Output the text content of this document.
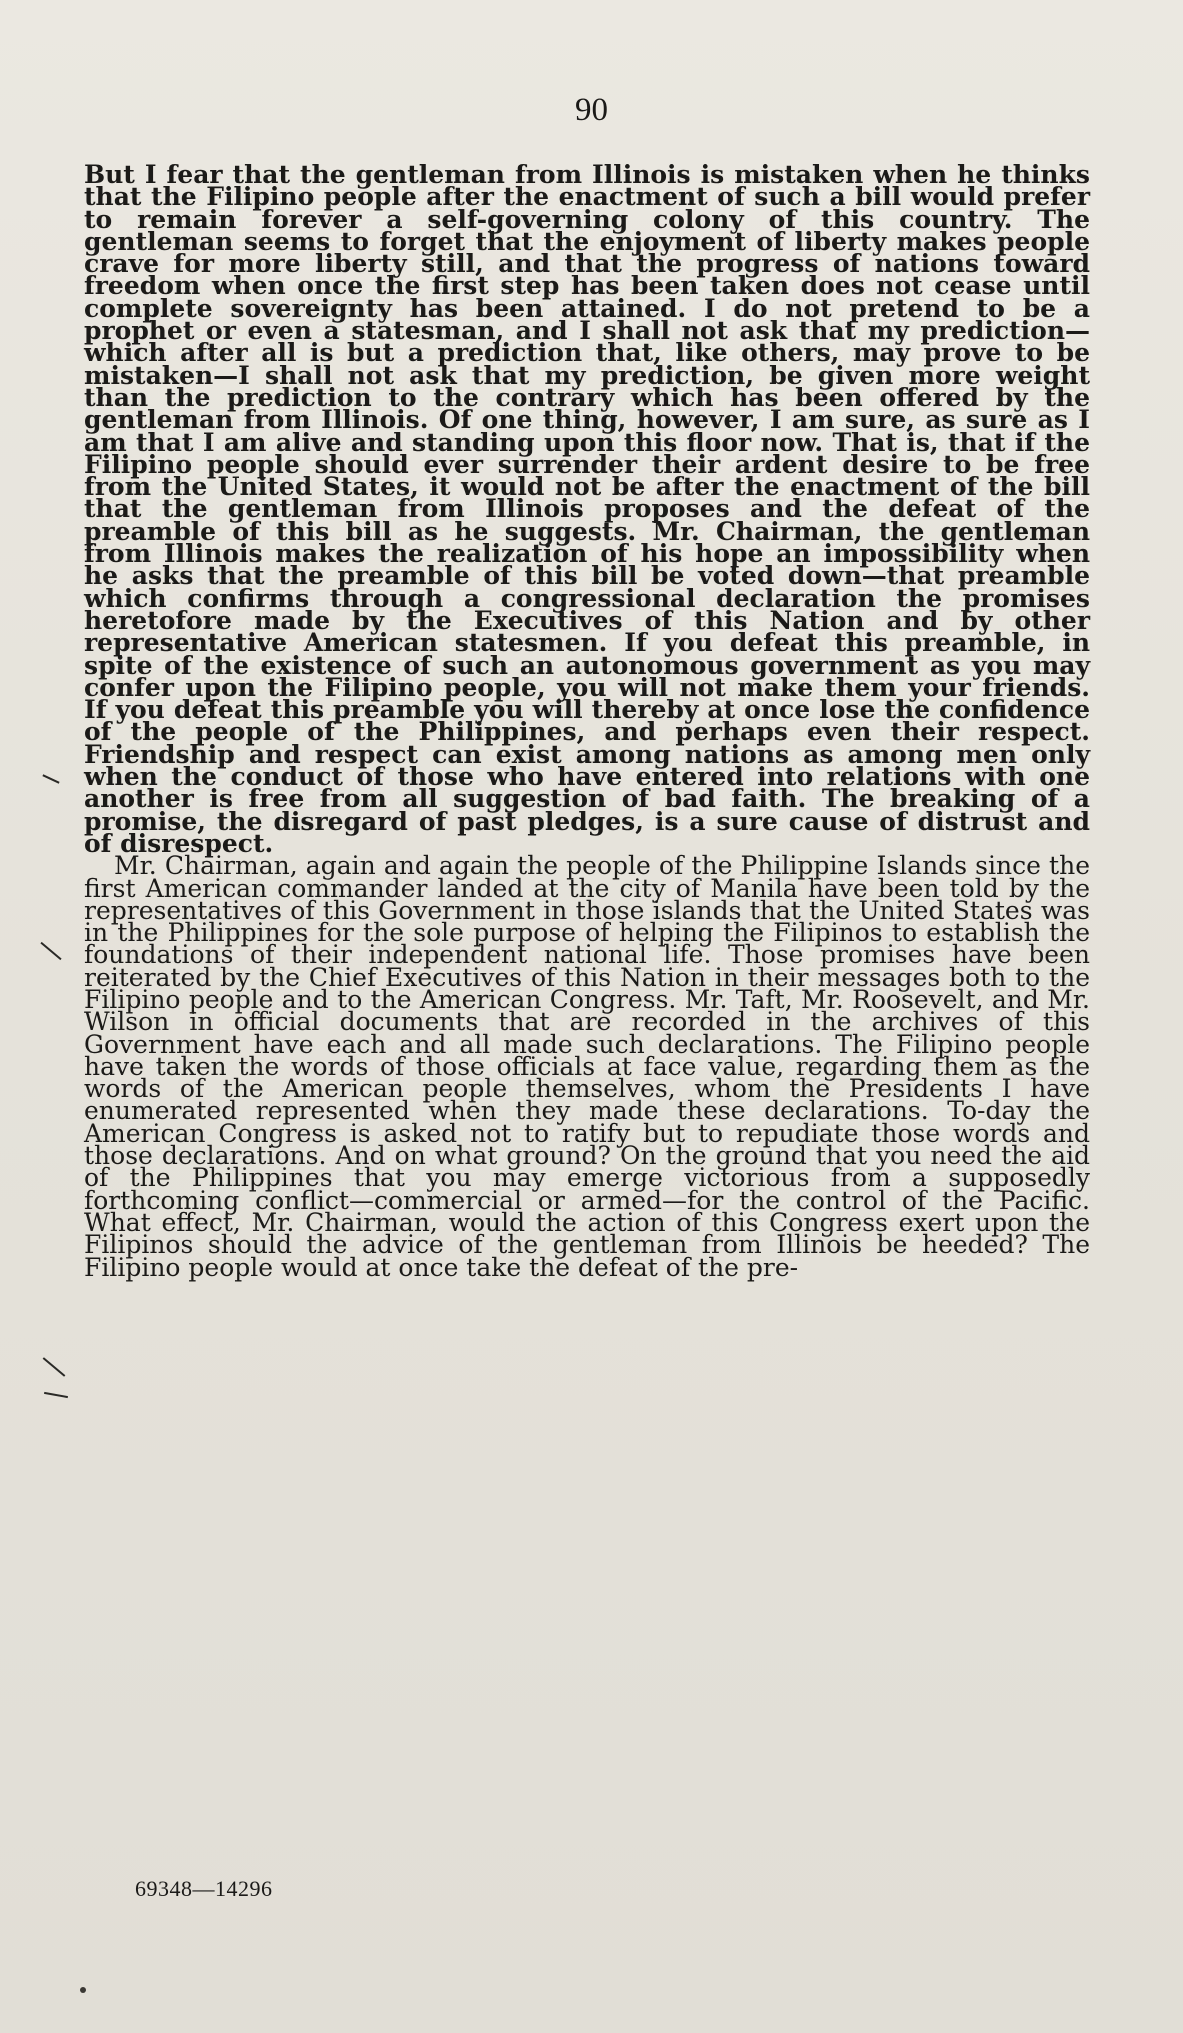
90

But I fear that the gentleman from Illinois is mistaken when he thinks that the Filipino people after the enactment of such a bill would prefer to remain forever a self-governing colony of this country. The gentleman seems to forget that the enjoyment of liberty makes people crave for more liberty still, and that the progress of nations toward freedom when once the first step has been taken does not cease until complete sovereignty has been attained. I do not pretend to be a prophet or even a statesman, and I shall not ask that my prediction—which after all is but a prediction that, like others, may prove to be mistaken—I shall not ask that my prediction, be given more weight than the prediction to the contrary which has been offered by the gentleman from Illinois. Of one thing, however, I am sure, as sure as I am that I am alive and standing upon this floor now. That is, that if the Filipino people should ever surrender their ardent desire to be free from the United States, it would not be after the enactment of the bill that the gentleman from Illinois proposes and the defeat of the preamble of this bill as he suggests. Mr. Chairman, the gentleman from Illinois makes the realization of his hope an impossibility when he asks that the preamble of this bill be voted down—that preamble which confirms through a congressional declaration the promises heretofore made by the Executives of this Nation and by other representative American statesmen. If you defeat this preamble, in spite of the existence of such an autonomous government as you may confer upon the Filipino people, you will not make them your friends. If you defeat this preamble you will thereby at once lose the confidence of the people of the Philippines, and perhaps even their respect. Friendship and respect can exist among nations as among men only when the conduct of those who have entered into relations with one another is free from all suggestion of bad faith. The breaking of a promise, the disregard of past pledges, is a sure cause of distrust and of disrespect.

Mr. Chairman, again and again the people of the Philippine Islands since the first American commander landed at the city of Manila have been told by the representatives of this Government in those islands that the United States was in the Philippines for the sole purpose of helping the Filipinos to establish the foundations of their independent national life. Those promises have been reiterated by the Chief Executives of this Nation in their messages both to the Filipino people and to the American Congress. Mr. Taft, Mr. Roosevelt, and Mr. Wilson in official documents that are recorded in the archives of this Government have each and all made such declarations. The Filipino people have taken the words of those officials at face value, regarding them as the words of the American people themselves, whom the Presidents I have enumerated represented when they made these declarations. To-day the American Congress is asked not to ratify but to repudiate those words and those declarations. And on what ground? On the ground that you need the aid of the Philippines that you may emerge victorious from a supposedly forthcoming conflict—commercial or armed—for the control of the Pacific. What effect, Mr. Chairman, would the action of this Congress exert upon the Filipinos should the advice of the gentleman from Illinois be heeded? The Filipino people would at once take the defeat of the pre-

69348—14296
